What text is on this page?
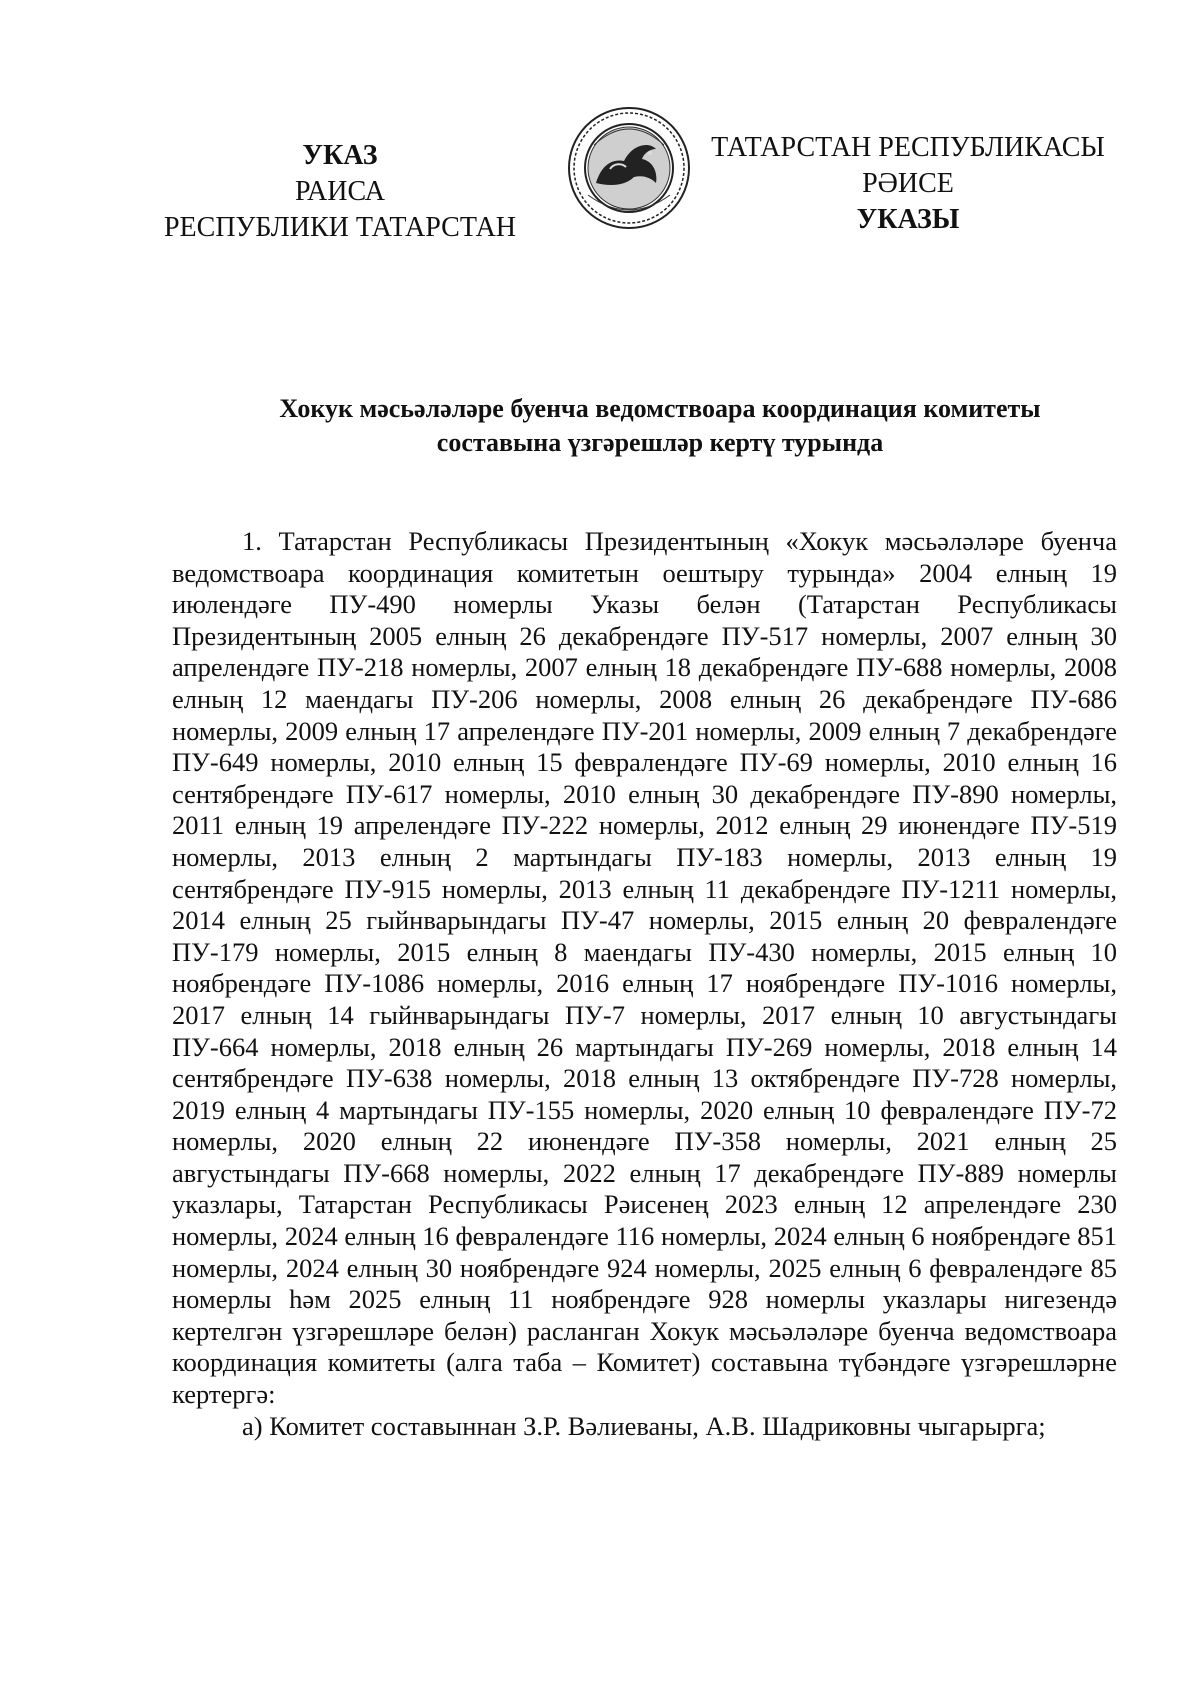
УКАЗ
РАИСА
РЕСПУБЛИКИ ТАТАРСТАН
ТАТАРСТАН РЕСПУБЛИКАСЫ
РӘИСЕ
УКАЗЫ
Хокук мәсьәләләре буенча ведомствоара координация комитеты
составына үзгәрешләр кертү турында

1. Татарстан Республикасы Президентының «Хокук мәсьәләләре буенча ведомствоара координация комитетын оештыру турында» 2004 елның 19 июлендәге ПУ-490 номерлы Указы белән (Татарстан Республикасы Президентының 2005 елның 26 декабрендәге ПУ-517 номерлы, 2007 елның 30 апрелендәге ПУ-218 номерлы, 2007 елның 18 декабрендәге ПУ-688 номерлы, 2008 елның 12 маендагы ПУ-206 номерлы, 2008 елның 26 декабрендәге ПУ-686 номерлы, 2009 елның 17 апрелендәге ПУ-201 номерлы, 2009 елның 7 декабрендәге ПУ-649 номерлы, 2010 елның 15 февралендәге ПУ-69 номерлы, 2010 елның 16 сентябрендәге ПУ-617 номерлы, 2010 елның 30 декабрендәге ПУ-890 номерлы, 2011 елның 19 апрелендәге ПУ-222 номерлы, 2012 елның 29 июнендәге ПУ-519 номерлы, 2013 елның 2 мартындагы ПУ-183 номерлы, 2013 елның 19 сентябрендәге ПУ-915 номерлы, 2013 елның 11 декабрендәге ПУ-1211 номерлы, 2014 елның 25 гыйнварындагы ПУ-47 номерлы, 2015 елның 20 февралендәге ПУ-179 номерлы, 2015 елның 8 маендагы ПУ-430 номерлы, 2015 елның 10 ноябрендәге ПУ-1086 номерлы, 2016 елның 17 ноябрендәге ПУ-1016 номерлы, 2017 елның 14 гыйнварындагы ПУ-7 номерлы, 2017 елның 10 августындагы ПУ-664 номерлы, 2018 елның 26 мартындагы ПУ-269 номерлы, 2018 елның 14 сентябрендәге ПУ-638 номерлы, 2018 елның 13 октябрендәге ПУ-728 номерлы, 2019 елның 4 мартындагы ПУ-155 номерлы, 2020 елның 10 февралендәге ПУ-72 номерлы, 2020 елның 22 июнендәге ПУ-358 номерлы, 2021 елның 25 августындагы ПУ-668 номерлы, 2022 елның 17 декабрендәге ПУ-889 номерлы указлары, Татарстан Республикасы Рәисенең 2023 елның 12 апрелендәге 230 номерлы, 2024 елның 16 февралендәге 116 номерлы, 2024 елның 6 ноябрендәге 851 номерлы, 2024 елның 30 ноябрендәге 924 номерлы, 2025 елның 6 февралендәге 85 номерлы һәм 2025 елның 11 ноябрендәге 928 номерлы указлары нигезендә кертелгән үзгәрешләре белән) расланган Хокук мәсьәләләре буенча ведомствоара координация комитеты (алга таба – Комитет) составына түбәндәге үзгәрешләрне кертергә:

а) Комитет составыннан З.Р. Вәлиеваны, А.В. Шадриковны чыгарырга;
